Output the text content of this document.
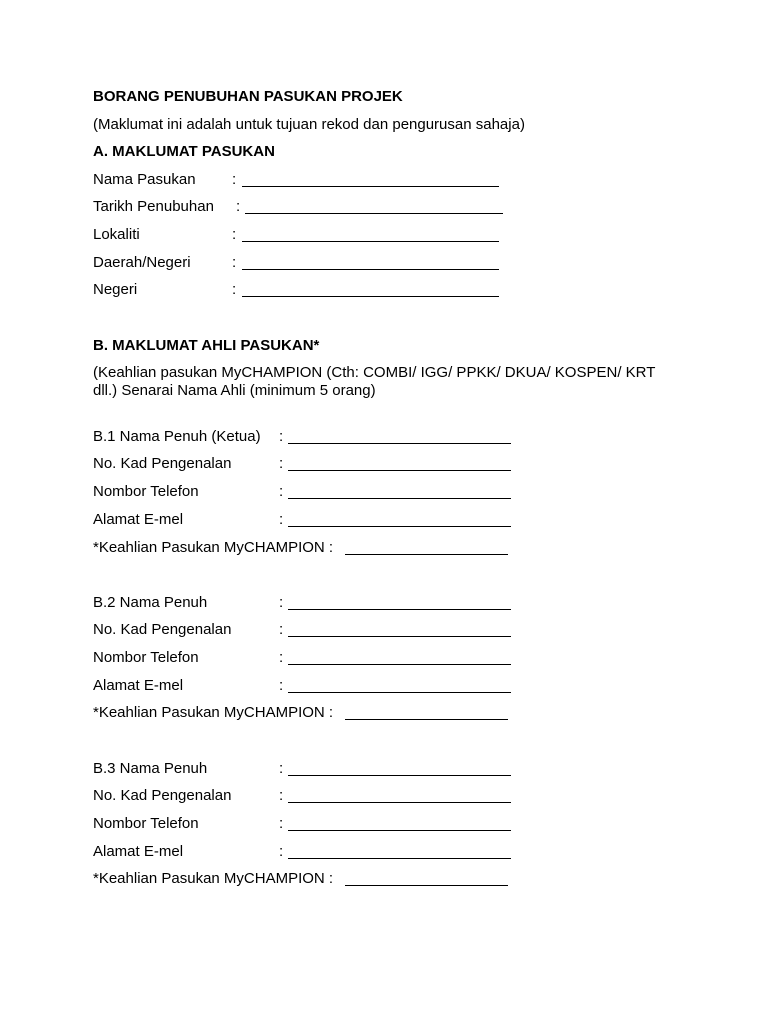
BORANG PENUBUHAN PASUKAN PROJEK
(Maklumat ini adalah untuk tujuan rekod dan pengurusan sahaja)
A. MAKLUMAT PASUKAN
Nama Pasukan :
Tarikh Penubuhan :
Lokaliti	:
Daerah/Negeri	:
Negeri	:
B. MAKLUMAT AHLI PASUKAN*
(Keahlian pasukan MyCHAMPION (Cth: COMBI/ IGG/ PPKK/ DKUA/ KOSPEN/ KRT dll.) Senarai Nama Ahli (minimum 5 orang)
B.1 Nama Penuh (Ketua) :
No. Kad Pengenalan	:
Nombor Telefon	:
Alamat E-mel	:
*Keahlian Pasukan MyCHAMPION :
B.2 Nama Penuh	:
No. Kad Pengenalan	:
Nombor Telefon	:
Alamat E-mel	:
*Keahlian Pasukan MyCHAMPION :
B.3 Nama Penuh	:
No. Kad Pengenalan	:
Nombor Telefon	:
Alamat E-mel	:
*Keahlian Pasukan MyCHAMPION :
